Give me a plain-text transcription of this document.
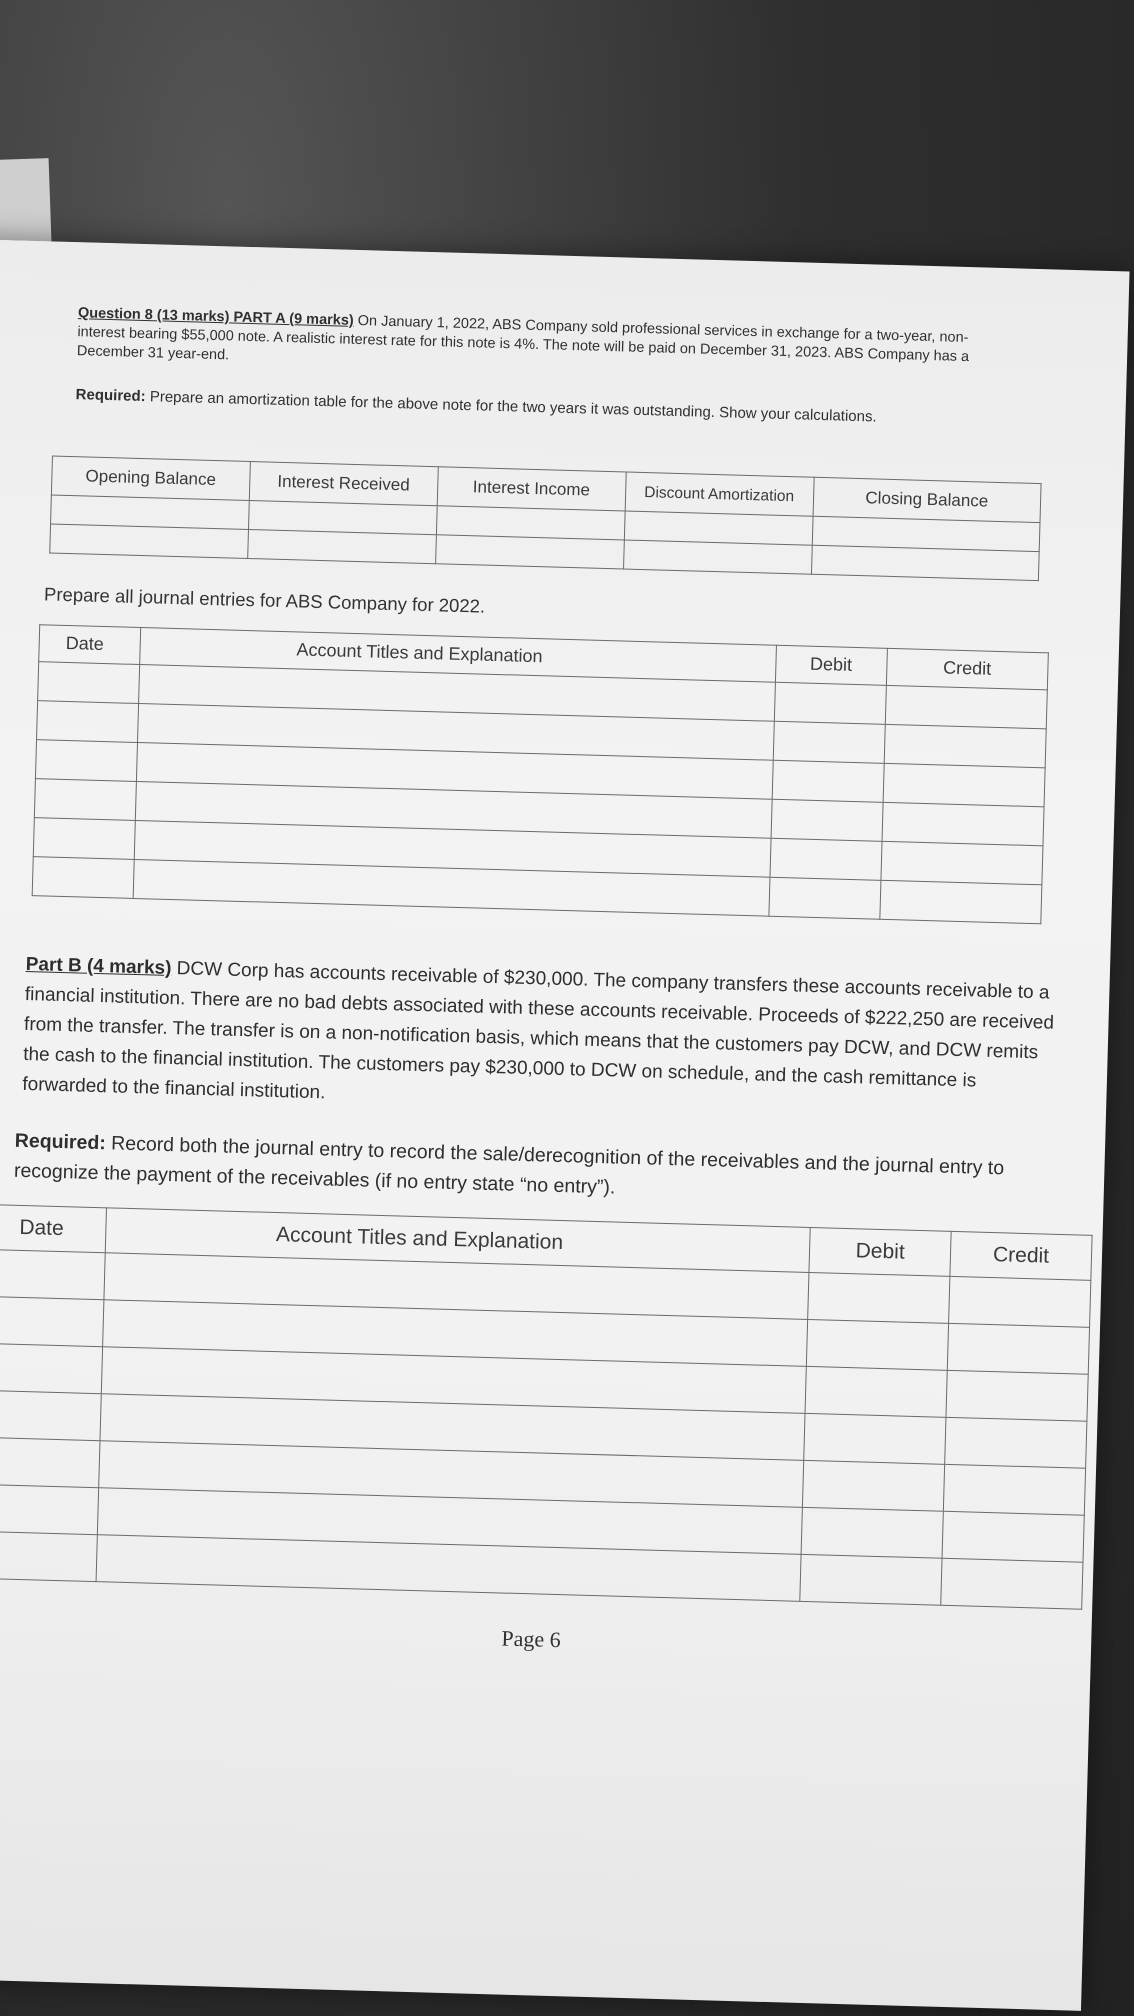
Question 8 (13 marks) PART A (9 marks) On January 1, 2022, ABS Company sold professional services in exchange for a two-year, non-interest bearing $55,000 note. A realistic interest rate for this note is 4%. The note will be paid on December 31, 2023. ABS Company has a December 31 year-end.

Required: Prepare an amortization table for the above note for the two years it was outstanding. Show your calculations.

Opening Balance	Interest Received	Interest Income	Discount Amortization	Closing Balance

Prepare all journal entries for ABS Company for 2022.

Date	Account Titles and Explanation	Debit	Credit

Part B (4 marks) DCW Corp has accounts receivable of $230,000. The company transfers these accounts receivable to a financial institution. There are no bad debts associated with these accounts receivable. Proceeds of $222,250 are received from the transfer. The transfer is on a non-notification basis, which means that the customers pay DCW, and DCW remits the cash to the financial institution. The customers pay $230,000 to DCW on schedule, and the cash remittance is forwarded to the financial institution.

Required: Record both the journal entry to record the sale/derecognition of the receivables and the journal entry to recognize the payment of the receivables (if no entry state “no entry”).

Date	Account Titles and Explanation	Debit	Credit

Page 6
